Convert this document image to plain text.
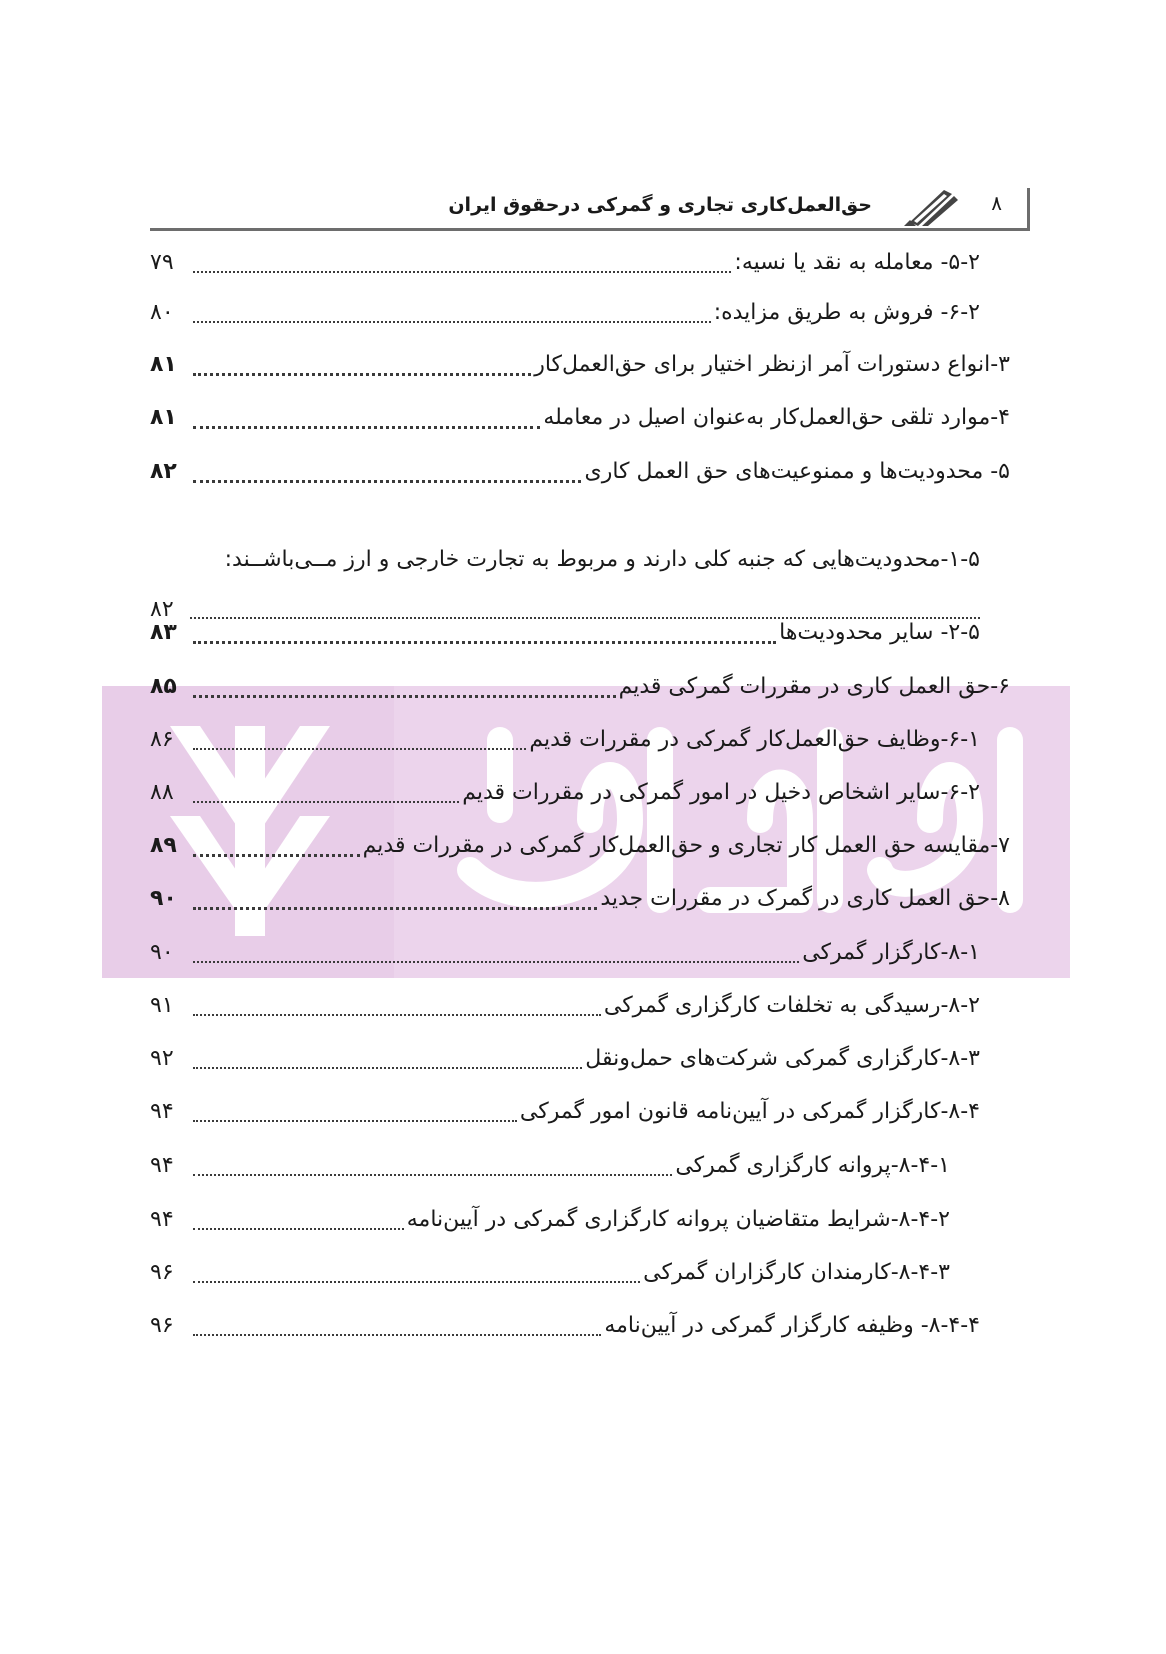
۸
حق‌العمل‌کاری تجاری و گمرکی درحقوق ایران
۵-۲- معامله به نقد یا نسیه:
۷۹
۶-۲- فروش به طریق مزایده:
۸۰
۳-انواع دستورات آمر ازنظر اختیار برای حق‌العمل‌کار
۸۱
۴-موارد تلقی حق‌العمل‌کار به‌عنوان اصیل در معامله
۸۱
۵- محدودیت‌ها و ممنوعیت‌های حق العمل کاری
۸۲
۱-۵-محدودیت‌هایی که جنبه کلی دارند و مربوط به تجارت خارجی و ارز مــی‌باشــند:
۸۲
۲-۵- سایر محدودیت‌ها
۸۳
۶-حق العمل کاری در مقررات گمرکی قدیم
۸۵
۶-۱-وظایف حق‌العمل‌کار گمرکی در مقررات قدیم
۸۶
۶-۲-سایر اشخاص دخیل در امور گمرکی در مقررات قدیم
۸۸
۷-مقایسه حق العمل کار تجاری و حق‌العمل‌کار گمرکی در مقررات قدیم
۸۹
۸-حق العمل کاری در گمرک در مقررات جدید
۹۰
۸-۱-کارگزار گمرکی
۹۰
۸-۲-رسیدگی به تخلفات کارگزاری گمرکی
۹۱
۸-۳-کارگزاری گمرکی شرکت‌های حمل‌ونقل
۹۲
۸-۴-کارگزار گمرکی در آیین‌نامه قانون امور گمرکی
۹۴
۸-۴-۱-پروانه کارگزاری گمرکی
۹۴
۸-۴-۲-شرایط متقاضیان پروانه کارگزاری گمرکی در آیین‌نامه
۹۴
۸-۴-۳-کارمندان کارگزاران گمرکی
۹۶
۸-۴-۴- وظیفه کارگزار گمرکی در آیین‌نامه
۹۶
